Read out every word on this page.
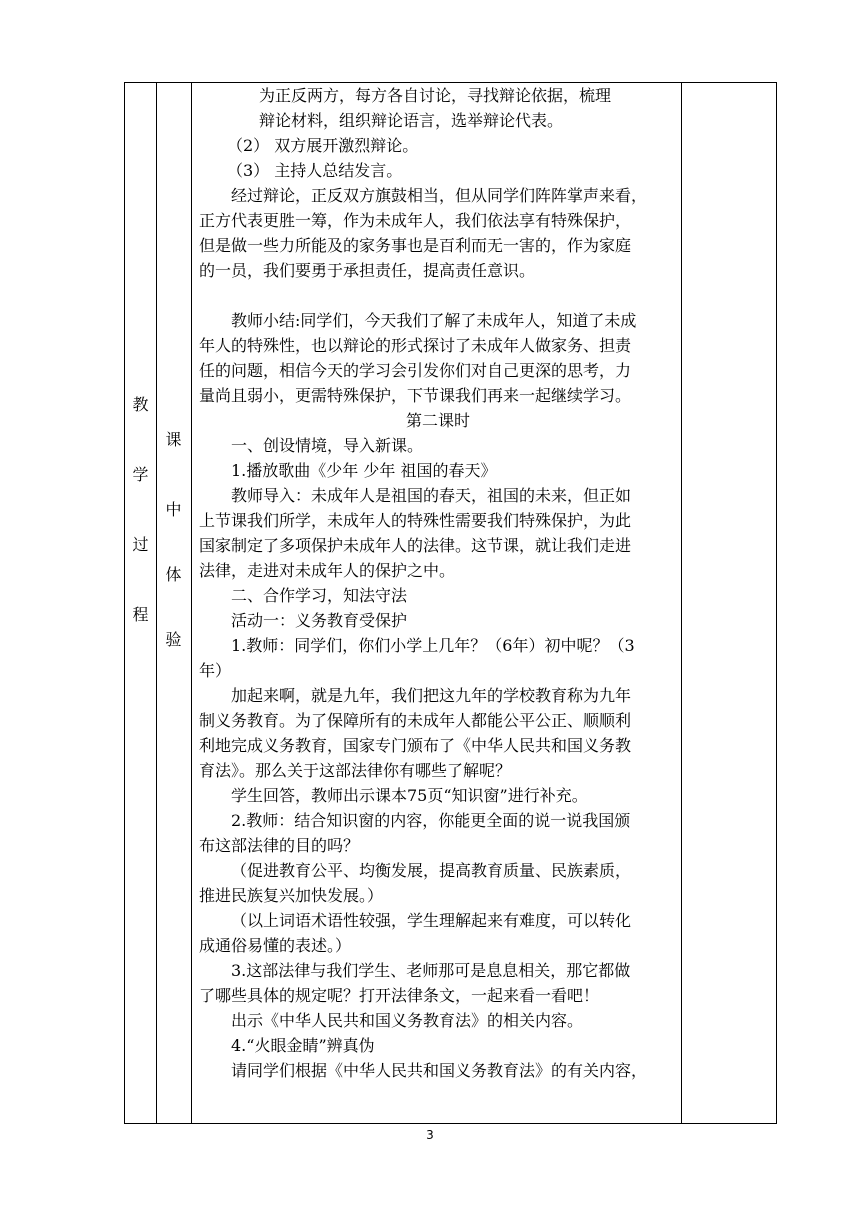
教
学
过
程
课
中
体
验
为正反两方，每方各自讨论，寻找辩论依据，梳理
辩论材料，组织辩论语言，选举辩论代表。
（2） 双方展开激烈辩论。
（3） 主持人总结发言。
经过辩论，正反双方旗鼓相当，但从同学们阵阵掌声来看，
正方代表更胜一筹，作为未成年人，我们依法享有特殊保护，
但是做一些力所能及的家务事也是百利而无一害的，作为家庭
的一员，我们要勇于承担责任，提高责任意识。
教师小结:同学们，今天我们了解了未成年人，知道了未成
年人的特殊性，也以辩论的形式探讨了未成年人做家务、担责
任的问题，相信今天的学习会引发你们对自己更深的思考，力
量尚且弱小，更需特殊保护，下节课我们再来一起继续学习。
第二课时
一、创设情境，导入新课。
1.播放歌曲《少年 少年 祖国的春天》
教师导入：未成年人是祖国的春天，祖国的未来，但正如
上节课我们所学，未成年人的特殊性需要我们特殊保护，为此
国家制定了多项保护未成年人的法律。这节课，就让我们走进
法律，走进对未成年人的保护之中。
二、合作学习，知法守法
活动一：义务教育受保护
1.教师：同学们，你们小学上几年？（6年）初中呢？（3
年）
加起来啊，就是九年，我们把这九年的学校教育称为九年
制义务教育。为了保障所有的未成年人都能公平公正、顺顺利
利地完成义务教育，国家专门颁布了《中华人民共和国义务教
育法》。那么关于这部法律你有哪些了解呢？
学生回答，教师出示课本75页“知识窗”进行补充。
2.教师：结合知识窗的内容，你能更全面的说一说我国颁
布这部法律的目的吗？
（促进教育公平、均衡发展，提高教育质量、民族素质，
推进民族复兴加快发展。）
（以上词语术语性较强，学生理解起来有难度，可以转化
成通俗易懂的表述。）
3.这部法律与我们学生、老师那可是息息相关，那它都做
了哪些具体的规定呢？打开法律条文，一起来看一看吧！
出示《中华人民共和国义务教育法》的相关内容。
4.“火眼金睛”辨真伪
请同学们根据《中华人民共和国义务教育法》的有关内容，
3
